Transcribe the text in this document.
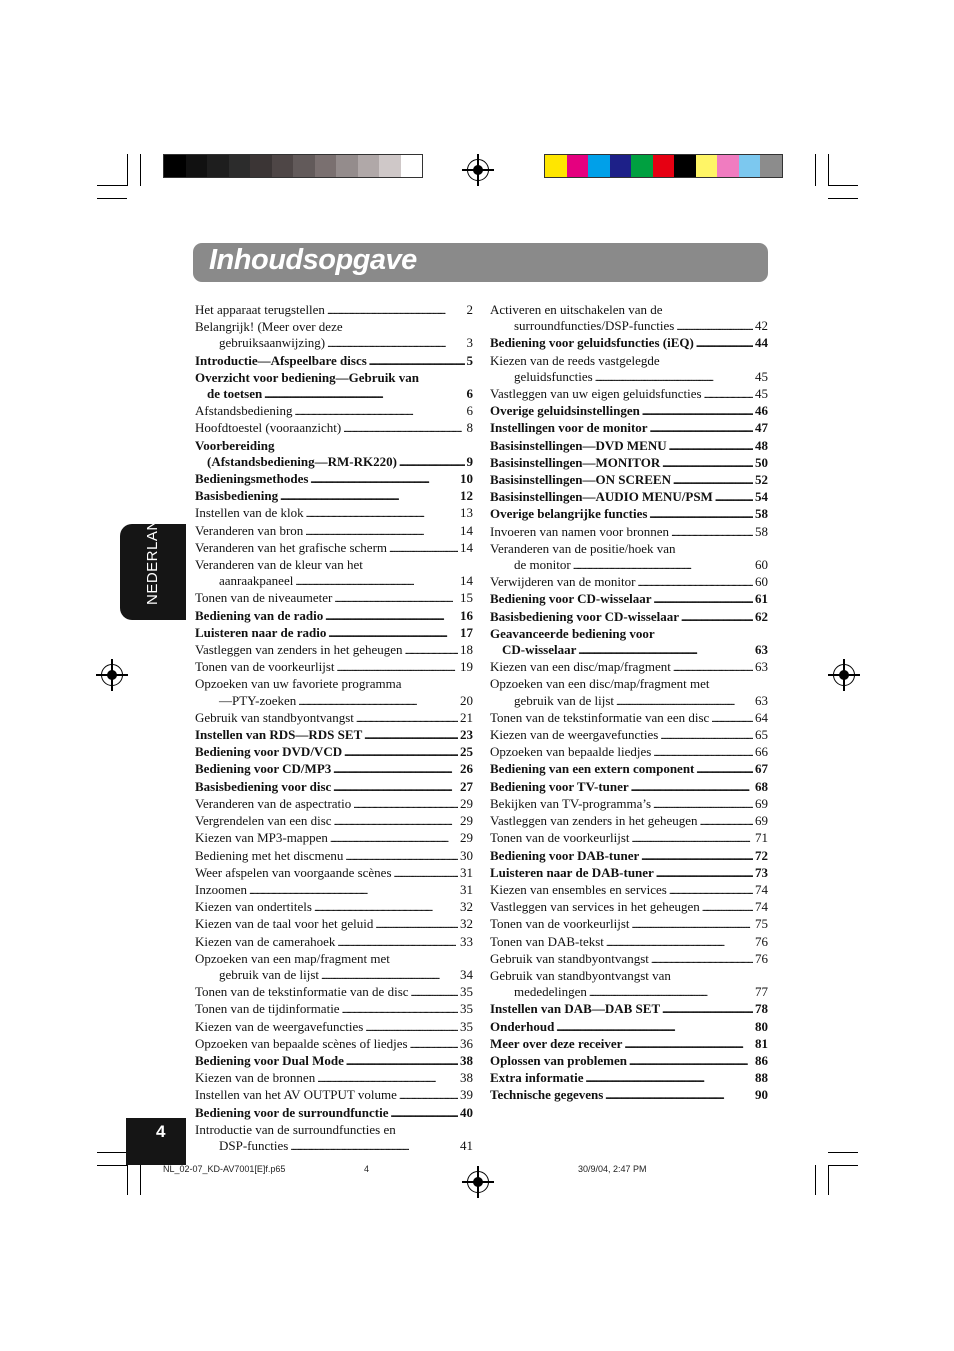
Inhoudsopgave
NEDERLANDS
Het apparaat terugstellen . . .	2
Belangrijk! (Meer over deze
gebruiksaanwijzing) . . .	3
Introductie—Afspeelbare discs . . .	5
Overzicht voor bediening—Gebruik van
de toetsen . . .	6
Afstandsbediening . . .	6
Hoofdtoestel (vooraanzicht) . . .	8
Voorbereiding
(Afstandsbediening—RM-RK220) . . .	9
Bedieningsmethodes . . .	10
Basisbediening . . .	12
Instellen van de klok . . .	13
Veranderen van bron . . .	14
Veranderen van het grafische scherm . . .	14
Veranderen van de kleur van het
aanraakpaneel . . .	14
Tonen van de niveaumeter . . .	15
Bediening van de radio . . .	16
Luisteren naar de radio . . .	17
Vastleggen van zenders in het geheugen . . .	18
Tonen van de voorkeurlijst . . .	19
Opzoeken van uw favoriete programma
—PTY-zoeken . . .	20
Gebruik van standbyontvangst . . .	21
Instellen van RDS—RDS SET . . .	23
Bediening voor DVD/VCD . . .	25
Bediening voor CD/MP3 . . .	26
Basisbediening voor disc . . .	27
Veranderen van de aspectratio . . .	29
Vergrendelen van een disc . . .	29
Kiezen van MP3-mappen . . .	29
Bediening met het discmenu . . .	30
Weer afspelen van voorgaande scènes . . .	31
Inzoomen . . .	31
Kiezen van ondertitels . . .	32
Kiezen van de taal voor het geluid . . .	32
Kiezen van de camerahoek . . .	33
Opzoeken van een map/fragment met
gebruik van de lijst . . .	34
Tonen van de tekstinformatie van de disc . . .	35
Tonen van de tijdinformatie . . .	35
Kiezen van de weergavefuncties . . .	35
Opzoeken van bepaalde scènes of liedjes . . .	36
Bediening voor Dual Mode . . .	38
Kiezen van de bronnen . . .	38
Instellen van het AV OUTPUT volume . . .	39
Bediening voor de surroundfunctie . . .	40
Introductie van de surroundfuncties en
DSP-functies . . .	41
Activeren en uitschakelen van de
surroundfuncties/DSP-functies . . .	42
Bediening voor geluidsfuncties (iEQ) . . .	44
Kiezen van de reeds vastgelegde
geluidsfuncties . . .	45
Vastleggen van uw eigen geluidsfuncties . . .	45
Overige geluidsinstellingen . . .	46
Instellingen voor de monitor . . .	47
Basisinstellingen—DVD MENU . . .	48
Basisinstellingen—MONITOR . . .	50
Basisinstellingen—ON SCREEN . . .	52
Basisinstellingen—AUDIO MENU/PSM . . .	54
Overige belangrijke functies . . .	58
Invoeren van namen voor bronnen . . .	58
Veranderen van de positie/hoek van
de monitor . . .	60
Verwijderen van de monitor . . .	60
Bediening voor CD-wisselaar . . .	61
Basisbediening voor CD-wisselaar . . .	62
Geavanceerde bediening voor
CD-wisselaar . . .	63
Kiezen van een disc/map/fragment . . .	63
Opzoeken van een disc/map/fragment met
gebruik van de lijst . . .	63
Tonen van de tekstinformatie van een disc . . .	64
Kiezen van de weergavefuncties . . .	65
Opzoeken van bepaalde liedjes . . .	66
Bediening van een extern component . . .	67
Bediening voor TV-tuner . . .	68
Bekijken van TV-programma’s . . .	69
Vastleggen van zenders in het geheugen . . .	69
Tonen van de voorkeurlijst . . .	71
Bediening voor DAB-tuner . . .	72
Luisteren naar de DAB-tuner . . .	73
Kiezen van ensembles en services . . .	74
Vastleggen van services in het geheugen . . .	74
Tonen van de voorkeurlijst . . .	75
Tonen van DAB-tekst . . .	76
Gebruik van standbyontvangst . . .	76
Gebruik van standbyontvangst van
mededelingen . . .	77
Instellen van DAB—DAB SET . . .	78
Onderhoud . . .	80
Meer over deze receiver . . .	81
Oplossen van problemen . . .	86
Extra informatie . . .	88
Technische gegevens . . .	90
4
NL_02-07_KD-AV7001[E]f.p65	4	30/9/04, 2:47 PM
